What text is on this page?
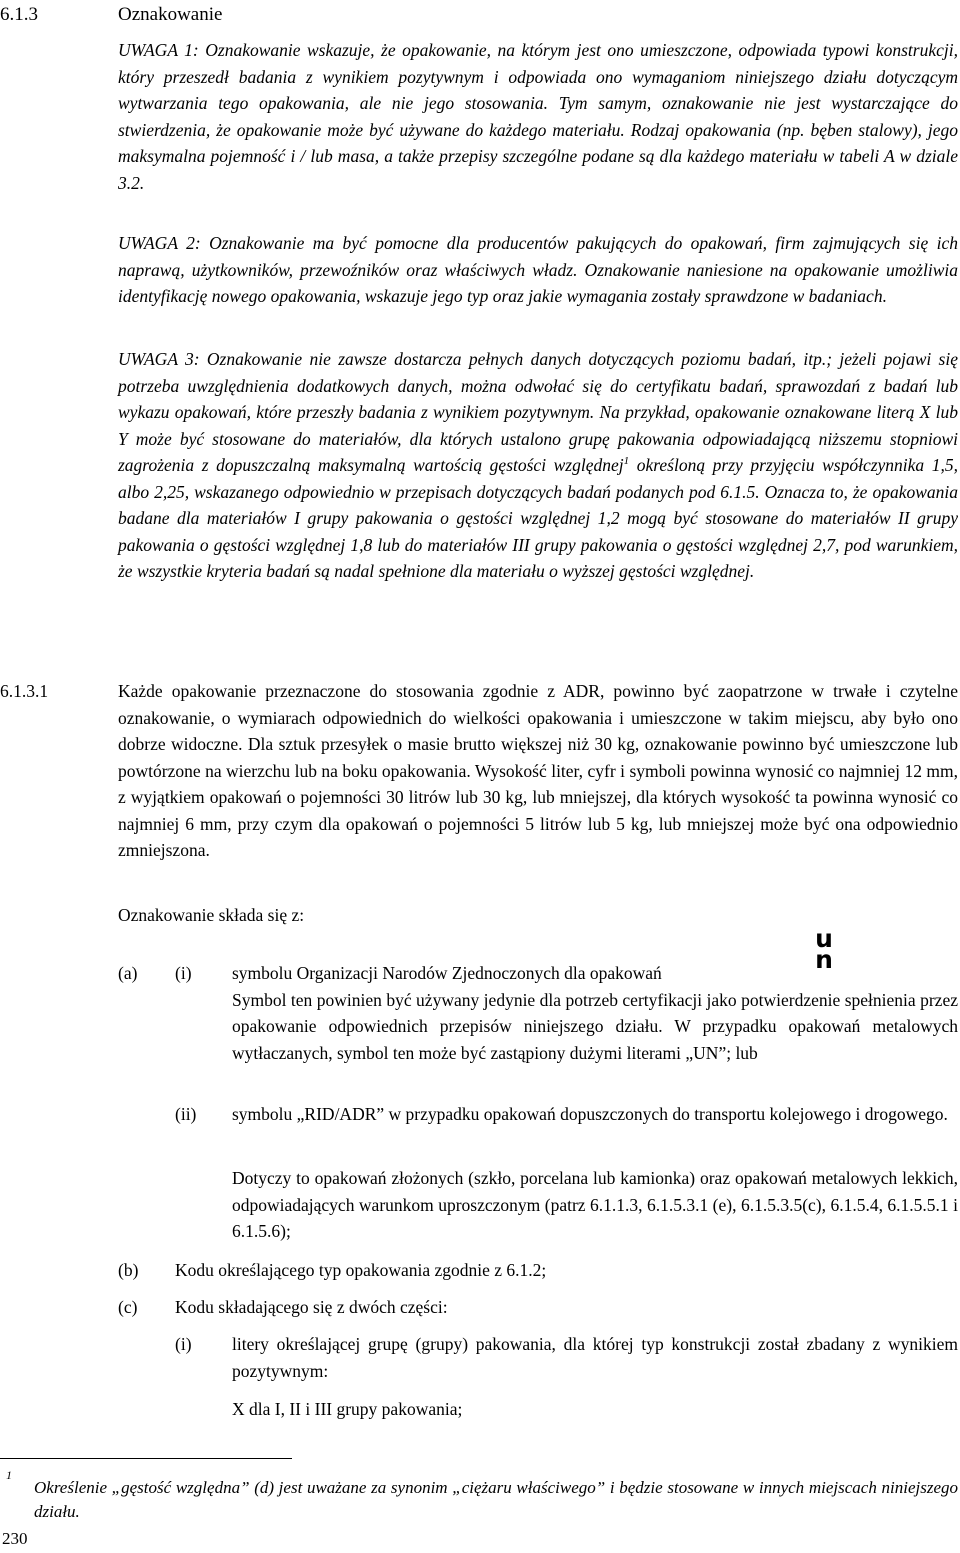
6.1.3	Oznakowanie

UWAGA 1: Oznakowanie wskazuje, że opakowanie, na którym jest ono umieszczone, odpowiada typowi konstrukcji, który przeszedł badania z wynikiem pozytywnym i odpowiada ono wymaganiom niniejszego działu dotyczącym wytwarzania tego opakowania, ale nie jego stosowania. Tym samym, oznakowanie nie jest wystarczające do stwierdzenia, że opakowanie może być używane do każdego materiału. Rodzaj opakowania (np. bęben stalowy), jego maksymalna pojemność i / lub masa, a także przepisy szczególne podane są dla każdego materiału w tabeli A w dziale 3.2.

UWAGA 2: Oznakowanie ma być pomocne dla producentów pakujących do opakowań, firm zajmujących się ich naprawą, użytkowników, przewoźników oraz właściwych władz. Oznakowanie naniesione na opakowanie umożliwia identyfikację nowego opakowania, wskazuje jego typ oraz jakie wymagania zostały sprawdzone w badaniach.

UWAGA 3: Oznakowanie nie zawsze dostarcza pełnych danych dotyczących poziomu badań, itp.; jeżeli pojawi się potrzeba uwzględnienia dodatkowych danych, można odwołać się do certyfikatu badań, sprawozdań z badań lub wykazu opakowań, które przeszły badania z wynikiem pozytywnym. Na przykład, opakowanie oznakowane literą X lub Y może być stosowane do materiałów, dla których ustalono grupę pakowania odpowiadającą niższemu stopniowi zagrożenia z dopuszczalną maksymalną wartością gęstości względnej$^1$ określoną przy przyjęciu współczynnika 1,5, albo 2,25, wskazanego odpowiednio w przepisach dotyczących badań podanych pod 6.1.5. Oznacza to, że opakowania badane dla materiałów I grupy pakowania o gęstości względnej 1,2 mogą być stosowane do materiałów II grupy pakowania o gęstości względnej 1,8 lub do materiałów III grupy pakowania o gęstości względnej 2,7, pod warunkiem, że wszystkie kryteria badań są nadal spełnione dla materiału o wyższej gęstości względnej.

6.1.3.1	Każde opakowanie przeznaczone do stosowania zgodnie z ADR, powinno być zaopatrzone w trwałe i czytelne oznakowanie, o wymiarach odpowiednich do wielkości opakowania i umieszczone w takim miejscu, aby było ono dobrze widoczne. Dla sztuk przesyłek o masie brutto większej niż 30 kg, oznakowanie powinno być umieszczone lub powtórzone na wierzchu lub na boku opakowania. Wysokość liter, cyfr i symboli powinna wynosić co najmniej 12 mm, z wyjątkiem opakowań o pojemności 30 litrów lub 30 kg, lub mniejszej, dla których wysokość ta powinna wynosić co najmniej 6 mm, przy czym dla opakowań o pojemności 5 litrów lub 5 kg, lub mniejszej może być ona odpowiednio zmniejszona.

Oznakowanie składa się z:
(a) (i) symbolu Organizacji Narodów Zjednoczonych dla opakowań
Symbol ten powinien być używany jedynie dla potrzeb certyfikacji jako potwierdzenie spełnienia przez opakowanie odpowiednich przepisów niniejszego działu. W przypadku opakowań metalowych wytłaczanych, symbol ten może być zastąpiony dużymi literami „UN”; lub
u
n
(ii) symbolu „RID/ADR” w przypadku opakowań dopuszczonych do transportu kolejowego i drogowego.
Dotyczy to opakowań złożonych (szkło, porcelana lub kamionka) oraz opakowań metalowych lekkich, odpowiadających warunkom uproszczonym (patrz 6.1.1.3, 6.1.5.3.1 (e), 6.1.5.3.5(c), 6.1.5.4, 6.1.5.5.1 i 6.1.5.6);
(b) Kodu określającego typ opakowania zgodnie z 6.1.2;
(c) Kodu składającego się z dwóch części:
(i) litery określającej grupę (grupy) pakowania, dla której typ konstrukcji został zbadany z wynikiem pozytywnym:
X dla I, II i III grupy pakowania;
1

Określenie „gęstość względna” (d) jest uważane za synonim „ciężaru właściwego” i będzie stosowane w innych miejscach niniejszego działu.

230
